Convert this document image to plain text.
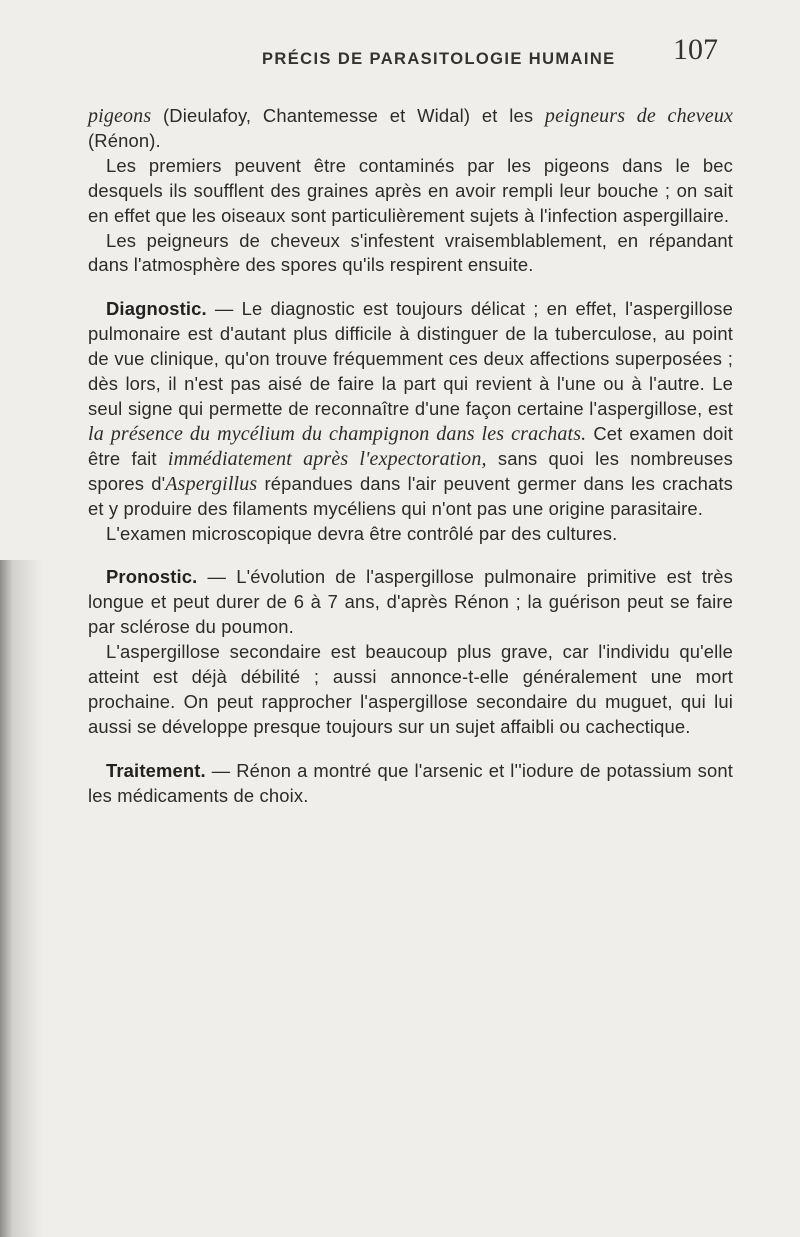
PRÉCIS DE PARASITOLOGIE HUMAINE 107

pigeons (Dieulafoy, Chantemesse et Widal) et les peigneurs de cheveux (Rénon).

Les premiers peuvent être contaminés par les pigeons dans le bec desquels ils soufflent des graines après en avoir rempli leur bouche ; on sait en effet que les oiseaux sont particulièrement sujets à l'infection aspergillaire.

Les peigneurs de cheveux s'infestent vraisemblablement, en répandant dans l'atmosphère des spores qu'ils respirent ensuite.

Diagnostic. — Le diagnostic est toujours délicat ; en effet, l'aspergillose pulmonaire est d'autant plus difficile à distinguer de la tuberculose, au point de vue clinique, qu'on trouve fréquemment ces deux affections superposées ; dès lors, il n'est pas aisé de faire la part qui revient à l'une ou à l'autre. Le seul signe qui permette de reconnaître d'une façon certaine l'aspergillose, est la présence du mycélium du champignon dans les crachats. Cet examen doit être fait immédiatement après l'expectoration, sans quoi les nombreuses spores d'Aspergillus répandues dans l'air peuvent germer dans les crachats et y produire des filaments mycéliens qui n'ont pas une origine parasitaire.

L'examen microscopique devra être contrôlé par des cultures.

Pronostic. — L'évolution de l'aspergillose pulmonaire primitive est très longue et peut durer de 6 à 7 ans, d'après Rénon ; la guérison peut se faire par sclérose du poumon.

L'aspergillose secondaire est beaucoup plus grave, car l'individu qu'elle atteint est déjà débilité ; aussi annonce-t-elle généralement une mort prochaine. On peut rapprocher l'aspergillose secondaire du muguet, qui lui aussi se développe presque toujours sur un sujet affaibli ou cachectique.

Traitement. — Rénon a montré que l'arsenic et l''iodure de potassium sont les médicaments de choix.
